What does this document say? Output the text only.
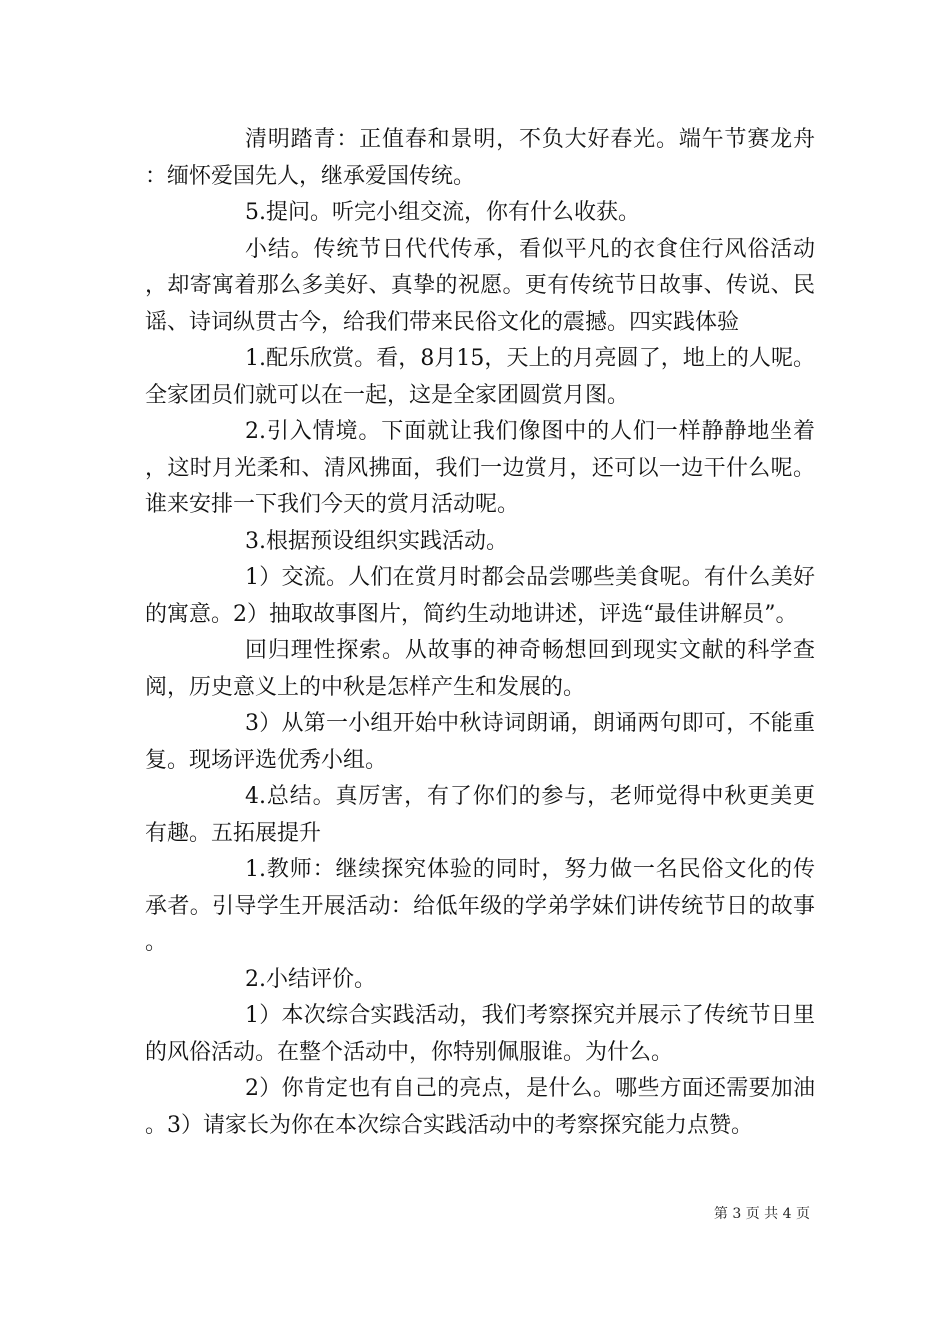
清明踏青：正值春和景明，不负大好春光。端午节赛龙舟：缅怀爱国先人，继承爱国传统。

5.提问。听完小组交流，你有什么收获。

小结。传统节日代代传承，看似平凡的衣食住行风俗活动，却寄寓着那么多美好、真挚的祝愿。更有传统节日故事、传说、民谣、诗词纵贯古今，给我们带来民俗文化的震撼。四实践体验

1.配乐欣赏。看，8月15，天上的月亮圆了，地上的人呢。全家团员们就可以在一起，这是全家团圆赏月图。

2.引入情境。下面就让我们像图中的人们一样静静地坐着，这时月光柔和、清风拂面，我们一边赏月，还可以一边干什么呢。谁来安排一下我们今天的赏月活动呢。

3.根据预设组织实践活动。

1）交流。人们在赏月时都会品尝哪些美食呢。有什么美好的寓意。2）抽取故事图片，简约生动地讲述，评选“最佳讲解员”。

回归理性探索。从故事的神奇畅想回到现实文献的科学查阅，历史意义上的中秋是怎样产生和发展的。

3）从第一小组开始中秋诗词朗诵，朗诵两句即可，不能重复。现场评选优秀小组。

4.总结。真厉害，有了你们的参与，老师觉得中秋更美更有趣。五拓展提升

1.教师：继续探究体验的同时，努力做一名民俗文化的传承者。引导学生开展活动：给低年级的学弟学妹们讲传统节日的故事。

2.小结评价。

1）本次综合实践活动，我们考察探究并展示了传统节日里的风俗活动。在整个活动中，你特别佩服谁。为什么。

2）你肯定也有自己的亮点，是什么。哪些方面还需要加油。3）请家长为你在本次综合实践活动中的考察探究能力点赞。

第 3 页 共 4 页
